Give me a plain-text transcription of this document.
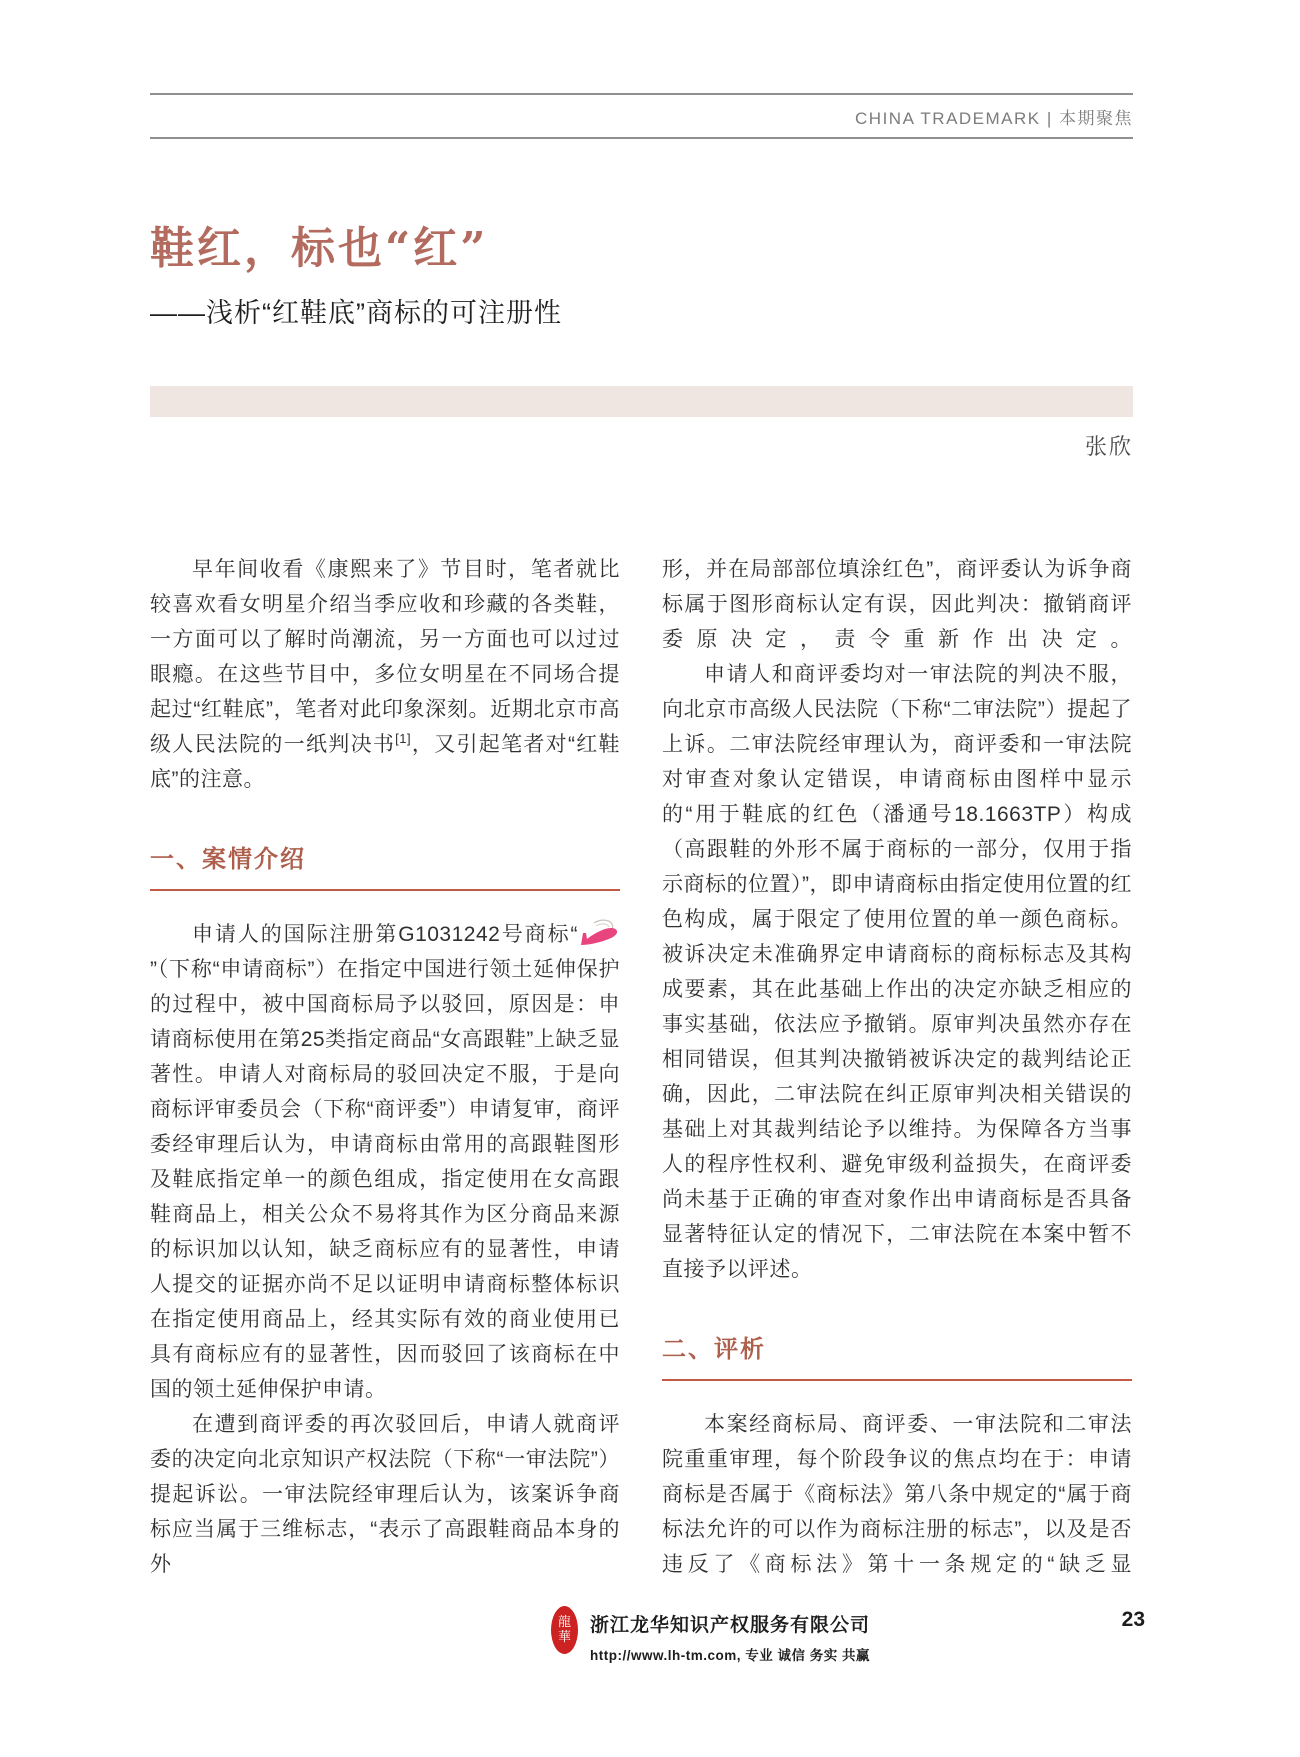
CHINA TRADEMARK | 本期聚焦
鞋红，标也“红”
——浅析“红鞋底”商标的可注册性
张欣

早年间收看《康熙来了》节目时，笔者就比较喜欢看女明星介绍当季应收和珍藏的各类鞋，一方面可以了解时尚潮流，另一方面也可以过过眼瘾。在这些节目中，多位女明星在不同场合提起过“红鞋底”，笔者对此印象深刻。近期北京市高级人民法院的一纸判决书[1]，又引起笔者对“红鞋底”的注意。

一、案情介绍

申请人的国际注册第G1031242号商标“”（下称“申请商标”）在指定中国进行领土延伸保护的过程中，被中国商标局予以驳回，原因是：申请商标使用在第25类指定商品“女高跟鞋”上缺乏显著性。申请人对商标局的驳回决定不服，于是向商标评审委员会（下称“商评委”）申请复审，商评委经审理后认为，申请商标由常用的高跟鞋图形及鞋底指定单一的颜色组成，指定使用在女高跟鞋商品上，相关公众不易将其作为区分商品来源的标识加以认知，缺乏商标应有的显著性，申请人提交的证据亦尚不足以证明申请商标整体标识在指定使用商品上，经其实际有效的商业使用已具有商标应有的显著性，因而驳回了该商标在中国的领土延伸保护申请。

在遭到商评委的再次驳回后，申请人就商评委的决定向北京知识产权法院（下称“一审法院”）提起诉讼。一审法院经审理后认为，该案诉争商标应当属于三维标志，“表示了高跟鞋商品本身的外

形，并在局部部位填涂红色”，商评委认为诉争商标属于图形商标认定有误，因此判决：撤销商评委原决定，责令重新作出决定。

申请人和商评委均对一审法院的判决不服，向北京市高级人民法院（下称“二审法院”）提起了上诉。二审法院经审理认为，商评委和一审法院对审查对象认定错误，申请商标由图样中显示的“用于鞋底的红色（潘通号18.1663TP）构成（高跟鞋的外形不属于商标的一部分，仅用于指示商标的位置）”，即申请商标由指定使用位置的红色构成，属于限定了使用位置的单一颜色商标。被诉决定未准确界定申请商标的商标标志及其构成要素，其在此基础上作出的决定亦缺乏相应的事实基础，依法应予撤销。原审判决虽然亦存在相同错误，但其判决撤销被诉决定的裁判结论正确，因此，二审法院在纠正原审判决相关错误的基础上对其裁判结论予以维持。为保障各方当事人的程序性权利、避免审级利益损失，在商评委尚未基于正确的审查对象作出申请商标是否具备显著特征认定的情况下，二审法院在本案中暂不直接予以评述。

二、评析

本案经商标局、商评委、一审法院和二审法院重重审理，每个阶段争议的焦点均在于：申请商标是否属于《商标法》第八条中规定的“属于商标法允许的可以作为商标注册的标志”，以及是否违反了《商标法》第十一条规定的“缺乏显

龍
華
浙江龙华知识产权服务有限公司
http://www.lh-tm.com, 专业 诚信 务实 共赢
23
